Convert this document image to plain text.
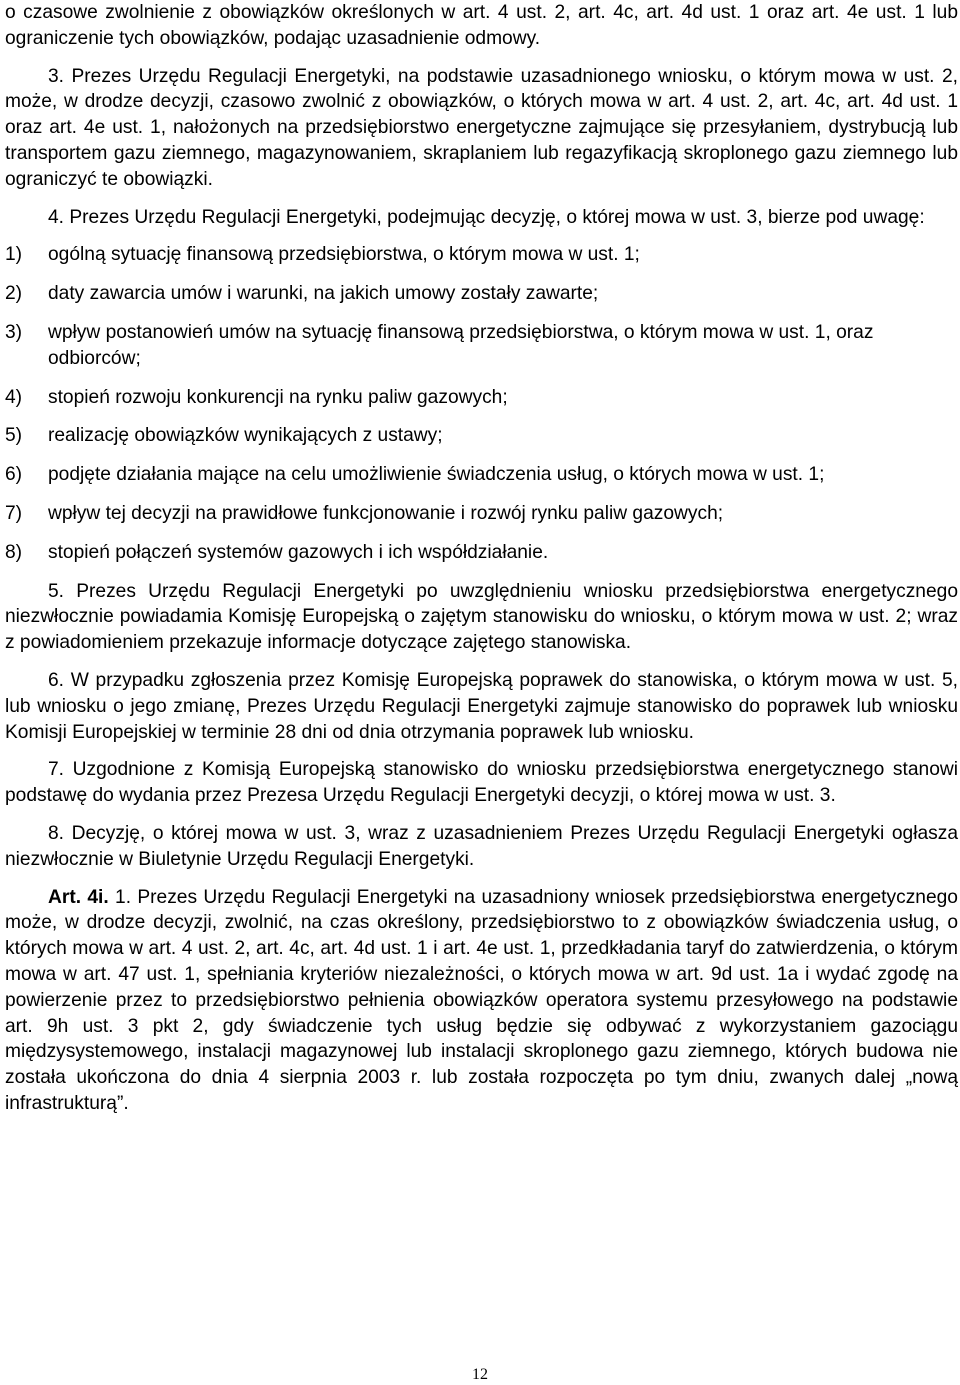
o czasowe zwolnienie z obowiązków określonych w art. 4 ust. 2, art. 4c, art. 4d ust. 1 oraz art. 4e ust. 1 lub ograniczenie tych obowiązków, podając uzasadnienie odmowy.

3. Prezes Urzędu Regulacji Energetyki, na podstawie uzasadnionego wniosku, o którym mowa w ust. 2, może, w drodze decyzji, czasowo zwolnić z obowiązków, o których mowa w art. 4 ust. 2, art. 4c, art. 4d ust. 1 oraz art. 4e ust. 1, nałożonych na przedsiębiorstwo energetyczne zajmujące się przesyłaniem, dystrybucją lub transportem gazu ziemnego, magazynowaniem, skraplaniem lub regazyfikacją skroplonego gazu ziemnego lub ograniczyć te obowiązki.

4. Prezes Urzędu Regulacji Energetyki, podejmując decyzję, o której mowa w ust. 3, bierze pod uwagę:

1) ogólną sytuację finansową przedsiębiorstwa, o którym mowa w ust. 1;
2) daty zawarcia umów i warunki, na jakich umowy zostały zawarte;
3) wpływ postanowień umów na sytuację finansową przedsiębiorstwa, o którym mowa w ust. 1, oraz odbiorców;
4) stopień rozwoju konkurencji na rynku paliw gazowych;
5) realizację obowiązków wynikających z ustawy;
6) podjęte działania mające na celu umożliwienie świadczenia usług, o których mowa w ust. 1;
7) wpływ tej decyzji na prawidłowe funkcjonowanie i rozwój rynku paliw gazowych;
8) stopień połączeń systemów gazowych i ich współdziałanie.

5. Prezes Urzędu Regulacji Energetyki po uwzględnieniu wniosku przedsiębiorstwa energetycznego niezwłocznie powiadamia Komisję Europejską o zajętym stanowisku do wniosku, o którym mowa w ust. 2; wraz z powiadomieniem przekazuje informacje dotyczące zajętego stanowiska.

6. W przypadku zgłoszenia przez Komisję Europejską poprawek do stanowiska, o którym mowa w ust. 5, lub wniosku o jego zmianę, Prezes Urzędu Regulacji Energetyki zajmuje stanowisko do poprawek lub wniosku Komisji Europejskiej w terminie 28 dni od dnia otrzymania poprawek lub wniosku.

7. Uzgodnione z Komisją Europejską stanowisko do wniosku przedsiębiorstwa energetycznego stanowi podstawę do wydania przez Prezesa Urzędu Regulacji Energetyki decyzji, o której mowa w ust. 3.

8. Decyzję, o której mowa w ust. 3, wraz z uzasadnieniem Prezes Urzędu Regulacji Energetyki ogłasza niezwłocznie w Biuletynie Urzędu Regulacji Energetyki.

Art. 4i. 1. Prezes Urzędu Regulacji Energetyki na uzasadniony wniosek przedsiębiorstwa energetycznego może, w drodze decyzji, zwolnić, na czas określony, przedsiębiorstwo to z obowiązków świadczenia usług, o których mowa w art. 4 ust. 2, art. 4c, art. 4d ust. 1 i art. 4e ust. 1, przedkładania taryf do zatwierdzenia, o którym mowa w art. 47 ust. 1, spełniania kryteriów niezależności, o których mowa w art. 9d ust. 1a i wydać zgodę na powierzenie przez to przedsiębiorstwo pełnienia obowiązków operatora systemu przesyłowego na podstawie art. 9h ust. 3 pkt 2, gdy świadczenie tych usług będzie się odbywać z wykorzystaniem gazociągu międzysystemowego, instalacji magazynowej lub instalacji skroplonego gazu ziemnego, których budowa nie została ukończona do dnia 4 sierpnia 2003 r. lub została rozpoczęta po tym dniu, zwanych dalej „nową infrastrukturą”.

12
